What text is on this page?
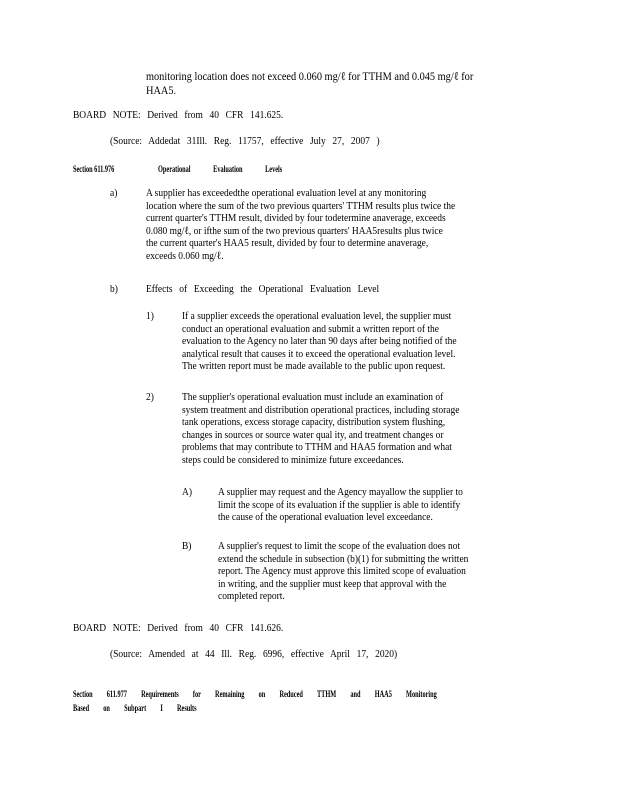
monitoring location does not exceed 0.060 mg/ℓ for TTHM and 0.045 mg/ℓ for
HAA5.
BOARD NOTE: Derived from 40 CFR 141.625.
(Source: Addedat 31Ill. Reg. 11757, effective July 27, 2007 )
Section 611.976	Operational Evaluation Levels
a)	A supplier has exceededthe operational evaluation level at any monitoring
location where the sum of the two previous quarters' TTHM results plus twice the
current quarter's TTHM result, divided by four todetermine anaverage, exceeds
0.080 mg/ℓ, or ifthe sum of the two previous quarters' HAA5results plus twice
the current quarter's HAA5 result, divided by four to determine anaverage,
exceeds 0.060 mg/ℓ.
b)	Effects of Exceeding the Operational Evaluation Level
1)	If a supplier exceeds the operational evaluation level, the supplier must
conduct an operational evaluation and submit a written report of the
evaluation to the Agency no later than 90 days after being notified of the
analytical result that causes it to exceed the operational evaluation level.
The written report must be made available to the public upon request.
2)	The supplier's operational evaluation must include an examination of
system treatment and distribution operational practices, including storage
tank operations, excess storage capacity, distribution system flushing,
changes in sources or source water qual ity, and treatment changes or
problems that may contribute to TTHM and HAA5 formation and what
steps could be considered to minimize future exceedances.
A) A supplier may request and the Agency mayallow the supplier to
limit the scope of its evaluation if the supplier is able to identify
the cause of the operational evaluation level exceedance.
B) A supplier's request to limit the scope of the evaluation does not
extend the schedule in subsection (b)(1) for submitting the written
report. The Agency must approve this limited scope of evaluation
in writing, and the supplier must keep that approval with the
completed report.
BOARD NOTE: Derived from 40 CFR 141.626.
(Source: Amended at 44 Ill. Reg. 6996, effective April 17, 2020)
Section 611.977 Requirements for Remaining on Reduced TTHM and HAA5 Monitoring
Based on Subpart I Results
